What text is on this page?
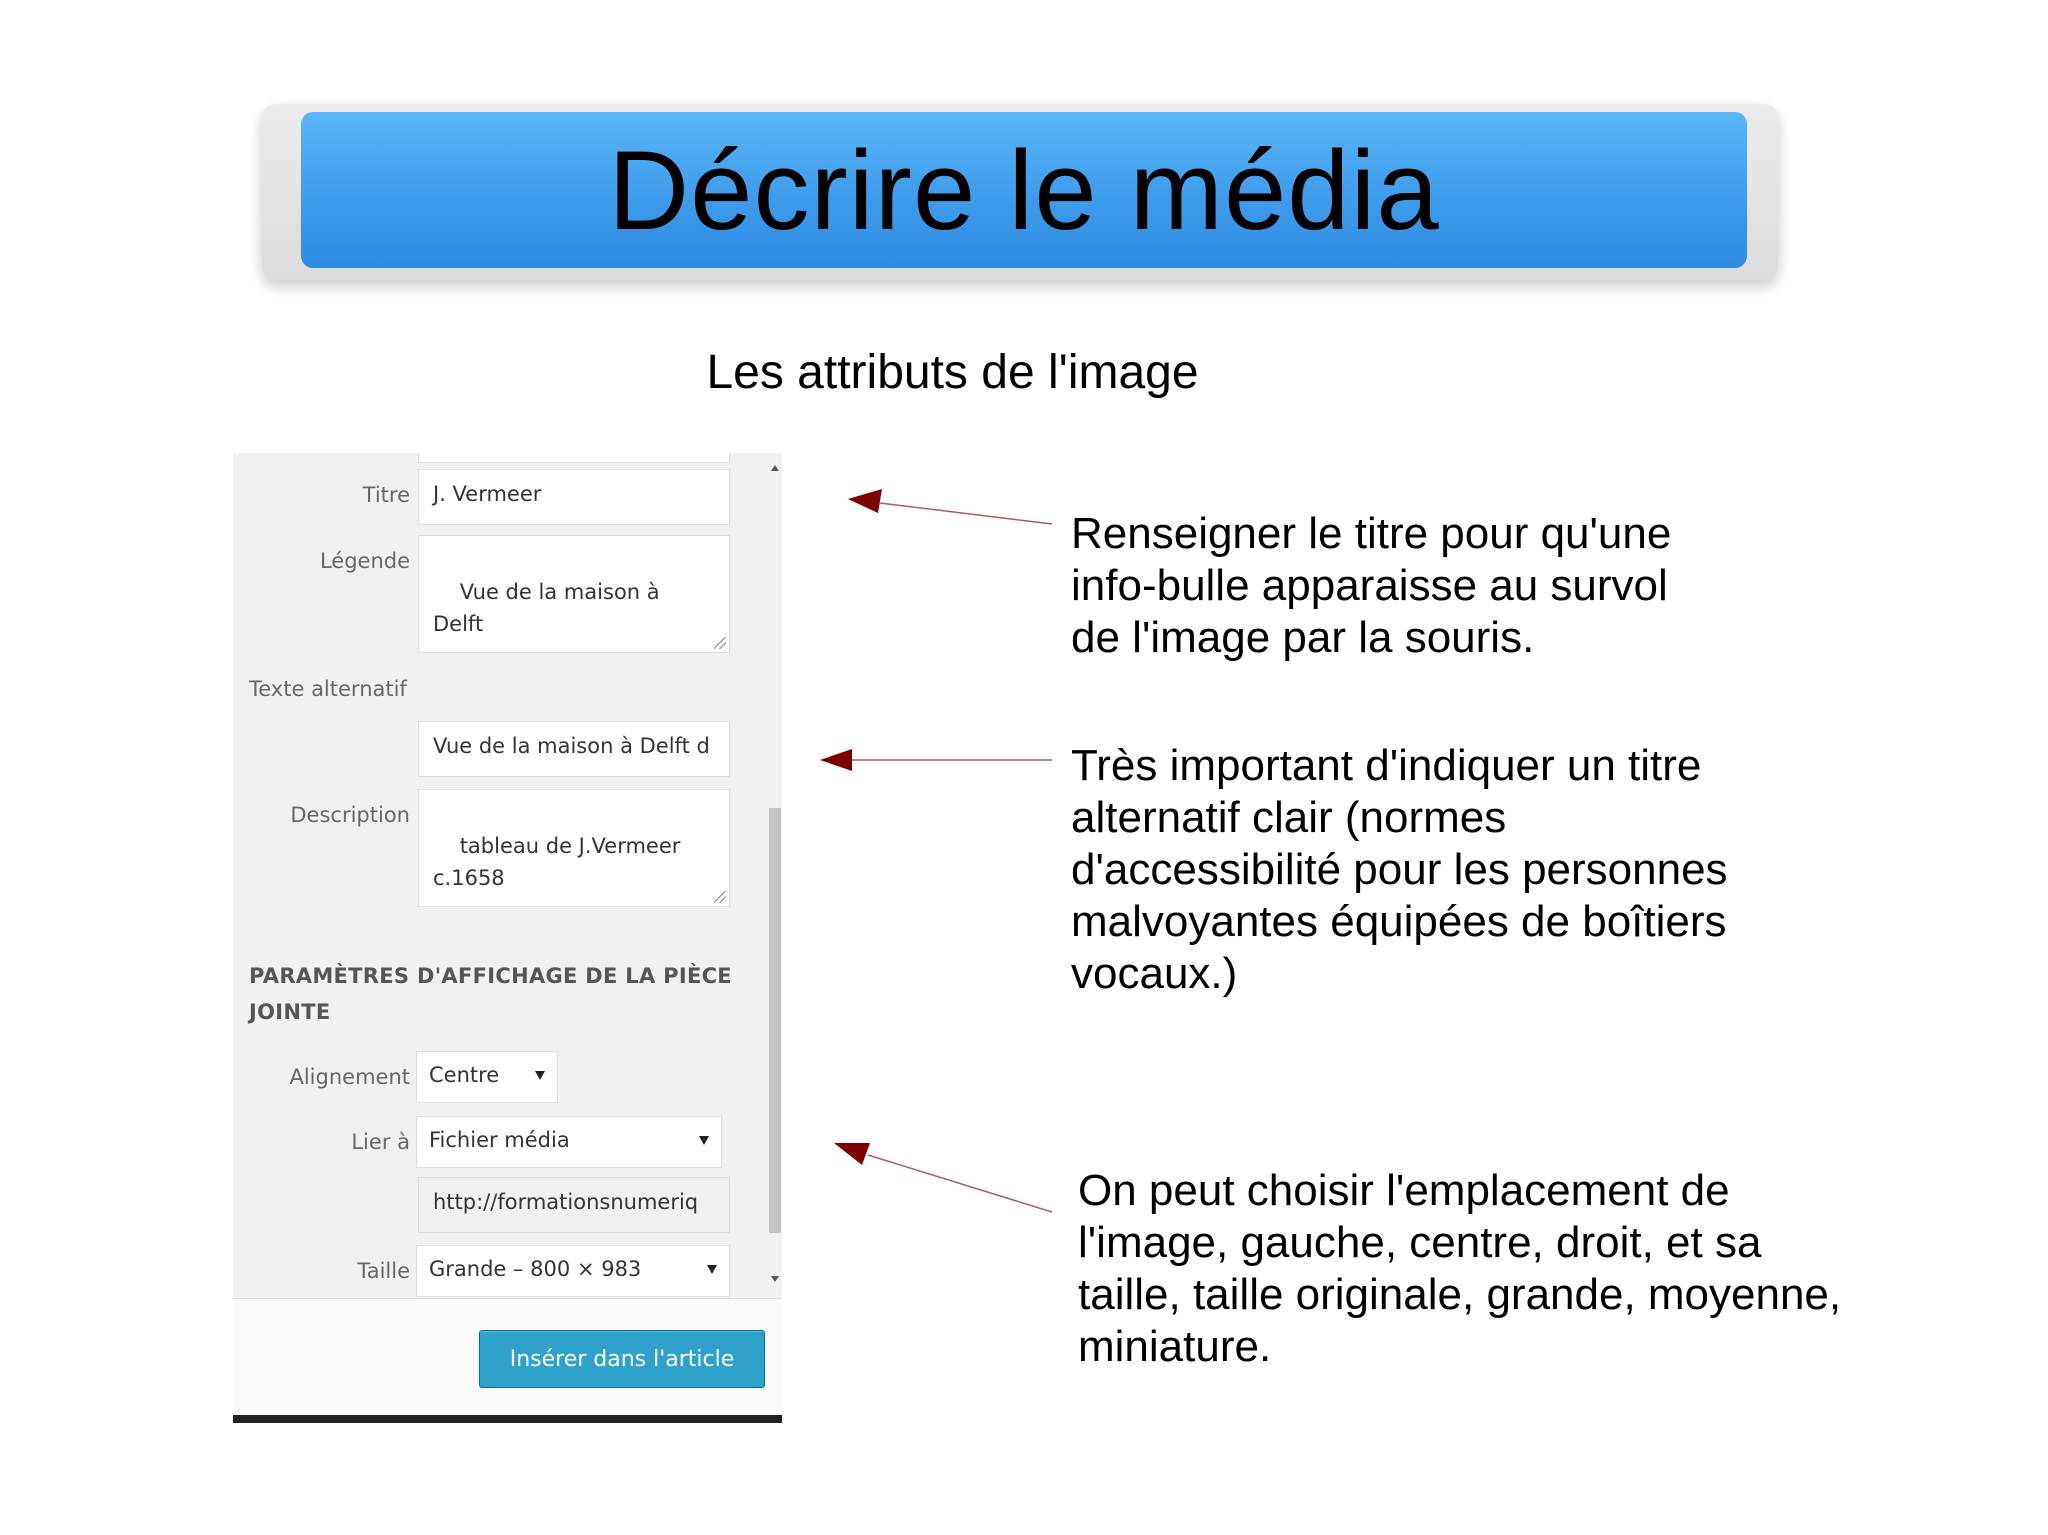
Décrire le média
Les attributs de l'image
Titre	J. Vermeer
Légende

Vue de la maison à Delft

Texte alternatif
Vue de la maison à Delft d
Description

tableau de J.Vermeer
c.1658

PARAMÈTRES D'AFFICHAGE DE LA PIÈCE JOINTE
Alignement Centre
Lier à Fichier média
http://formationsnumeriq
Taille Grande – 800 × 983
Insérer dans l'article
Renseigner le titre pour qu'une
info-bulle apparaisse au survol
de l'image par la souris.
Très important d'indiquer un titre
alternatif clair (normes
d'accessibilité pour les personnes
malvoyantes équipées de boîtiers
vocaux.)
On peut choisir l'emplacement de
l'image, gauche, centre, droit, et sa
taille, taille originale, grande, moyenne,
miniature.
